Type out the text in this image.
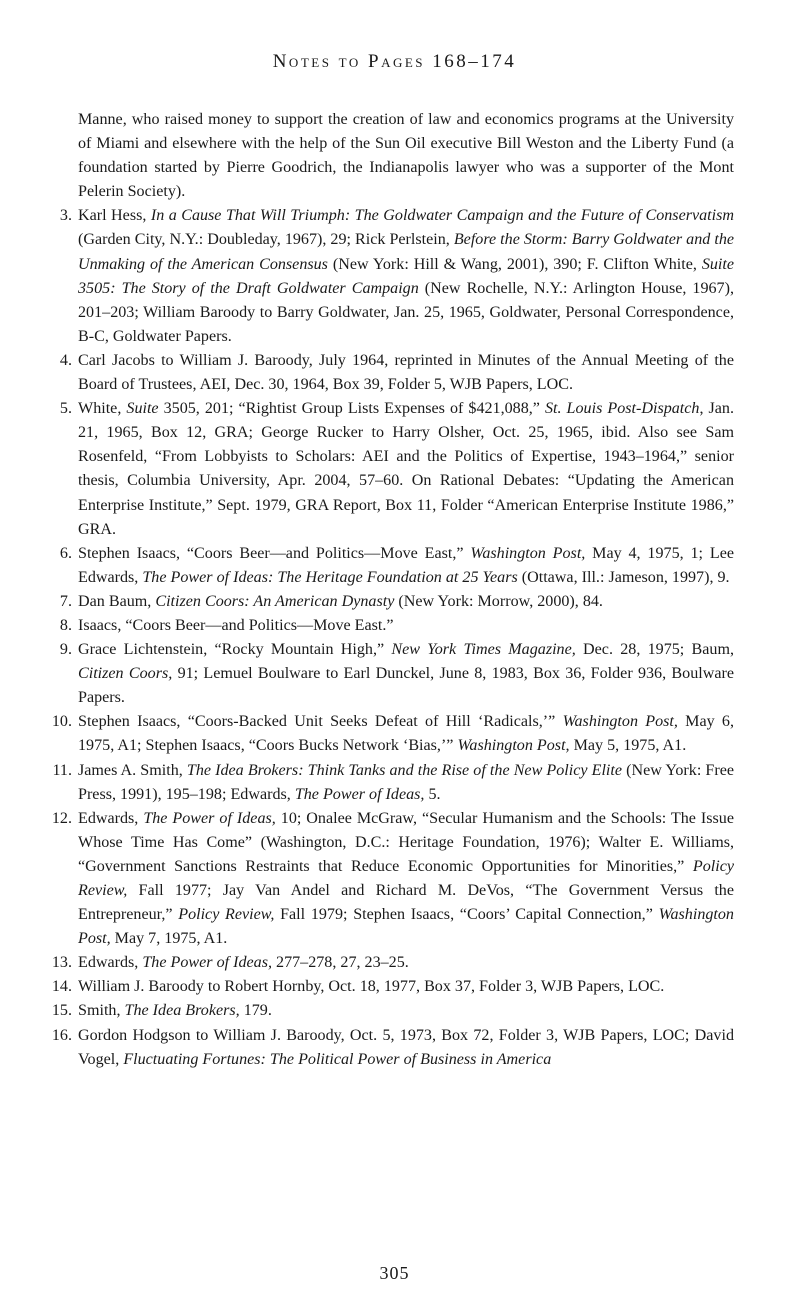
Notes to Pages 168–174
Manne, who raised money to support the creation of law and economics programs at the University of Miami and elsewhere with the help of the Sun Oil executive Bill Weston and the Liberty Fund (a foundation started by Pierre Goodrich, the Indianapolis lawyer who was a supporter of the Mont Pelerin Society).
3. Karl Hess, In a Cause That Will Triumph: The Goldwater Campaign and the Future of Conservatism (Garden City, N.Y.: Doubleday, 1967), 29; Rick Perlstein, Before the Storm: Barry Goldwater and the Unmaking of the American Consensus (New York: Hill & Wang, 2001), 390; F. Clifton White, Suite 3505: The Story of the Draft Goldwater Campaign (New Rochelle, N.Y.: Arlington House, 1967), 201–203; William Baroody to Barry Goldwater, Jan. 25, 1965, Goldwater, Personal Correspondence, B-C, Goldwater Papers.
4. Carl Jacobs to William J. Baroody, July 1964, reprinted in Minutes of the Annual Meeting of the Board of Trustees, AEI, Dec. 30, 1964, Box 39, Folder 5, WJB Papers, LOC.
5. White, Suite 3505, 201; “Rightist Group Lists Expenses of $421,088,” St. Louis Post-Dispatch, Jan. 21, 1965, Box 12, GRA; George Rucker to Harry Olsher, Oct. 25, 1965, ibid. Also see Sam Rosenfeld, “From Lobbyists to Scholars: AEI and the Politics of Expertise, 1943–1964,” senior thesis, Columbia University, Apr. 2004, 57–60. On Rational Debates: “Updating the American Enterprise Institute,” Sept. 1979, GRA Report, Box 11, Folder “American Enterprise Institute 1986,” GRA.
6. Stephen Isaacs, “Coors Beer—and Politics—Move East,” Washington Post, May 4, 1975, 1; Lee Edwards, The Power of Ideas: The Heritage Foundation at 25 Years (Ottawa, Ill.: Jameson, 1997), 9.
7. Dan Baum, Citizen Coors: An American Dynasty (New York: Morrow, 2000), 84.
8. Isaacs, “Coors Beer—and Politics—Move East.”
9. Grace Lichtenstein, “Rocky Mountain High,” New York Times Magazine, Dec. 28, 1975; Baum, Citizen Coors, 91; Lemuel Boulware to Earl Dunckel, June 8, 1983, Box 36, Folder 936, Boulware Papers.
10. Stephen Isaacs, “Coors-Backed Unit Seeks Defeat of Hill ‘Radicals,’” Washington Post, May 6, 1975, A1; Stephen Isaacs, “Coors Bucks Network ‘Bias,’” Washington Post, May 5, 1975, A1.
11. James A. Smith, The Idea Brokers: Think Tanks and the Rise of the New Policy Elite (New York: Free Press, 1991), 195–198; Edwards, The Power of Ideas, 5.
12. Edwards, The Power of Ideas, 10; Onalee McGraw, “Secular Humanism and the Schools: The Issue Whose Time Has Come” (Washington, D.C.: Heritage Foundation, 1976); Walter E. Williams, “Government Sanctions Restraints that Reduce Economic Opportunities for Minorities,” Policy Review, Fall 1977; Jay Van Andel and Richard M. DeVos, “The Government Versus the Entrepreneur,” Policy Review, Fall 1979; Stephen Isaacs, “Coors’ Capital Connection,” Washington Post, May 7, 1975, A1.
13. Edwards, The Power of Ideas, 277–278, 27, 23–25.
14. William J. Baroody to Robert Hornby, Oct. 18, 1977, Box 37, Folder 3, WJB Papers, LOC.
15. Smith, The Idea Brokers, 179.
16. Gordon Hodgson to William J. Baroody, Oct. 5, 1973, Box 72, Folder 3, WJB Papers, LOC; David Vogel, Fluctuating Fortunes: The Political Power of Business in America
305
